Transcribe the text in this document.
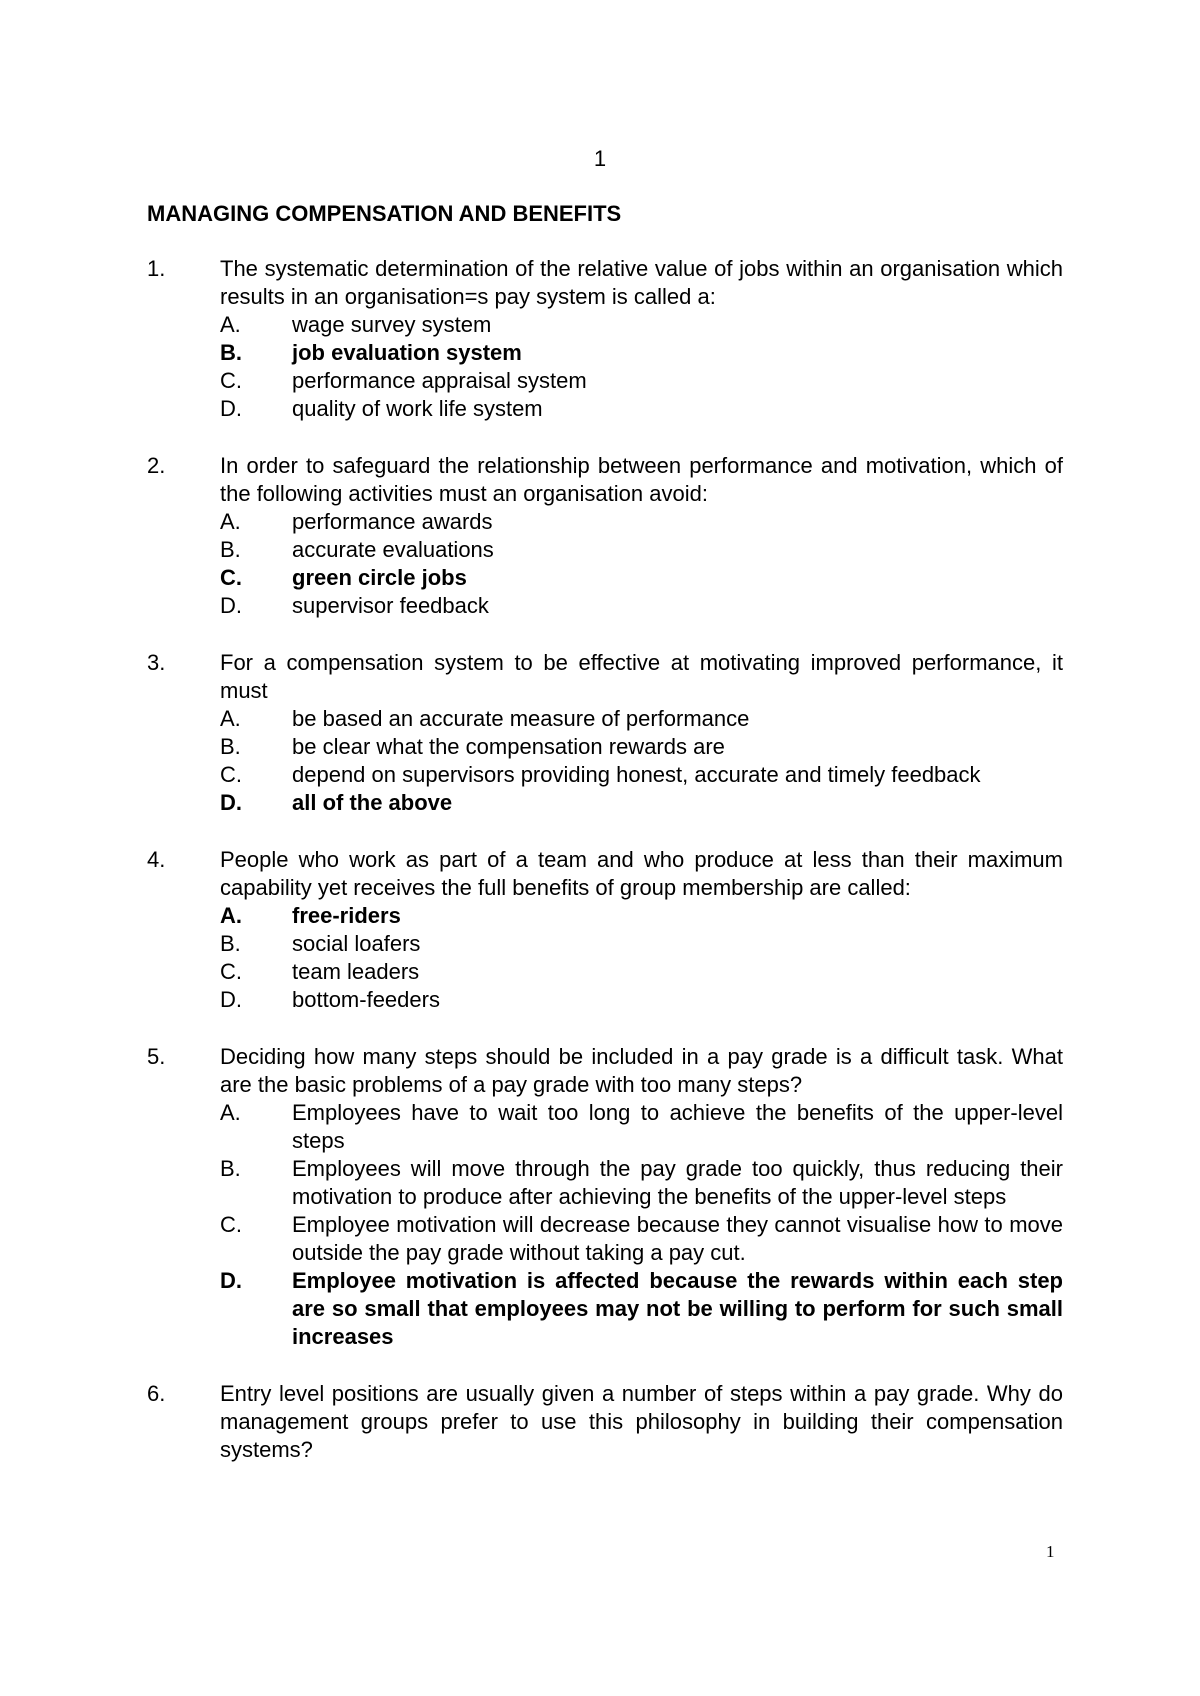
1
MANAGING COMPENSATION AND BENEFITS
1. The systematic determination of the relative value of jobs within an organisation which results in an organisation=s pay system is called a:
A. wage survey system
B. job evaluation system
C. performance appraisal system
D. quality of work life system
2. In order to safeguard the relationship between performance and motivation, which of the following activities must an organisation avoid:
A. performance awards
B. accurate evaluations
C. green circle jobs
D. supervisor feedback
3. For a compensation system to be effective at motivating improved performance, it must
A. be based an accurate measure of performance
B. be clear what the compensation rewards are
C. depend on supervisors providing honest, accurate and timely feedback
D. all of the above
4. People who work as part of a team and who produce at less than their maximum capability yet receives the full benefits of group membership are called:
A. free-riders
B. social loafers
C. team leaders
D. bottom-feeders
5. Deciding how many steps should be included in a pay grade is a difficult task. What are the basic problems of a pay grade with too many steps?
A. Employees have to wait too long to achieve the benefits of the upper-level steps
B. Employees will move through the pay grade too quickly, thus reducing their motivation to produce after achieving the benefits of the upper-level steps
C. Employee motivation will decrease because they cannot visualise how to move outside the pay grade without taking a pay cut.
D. Employee motivation is affected because the rewards within each step are so small that employees may not be willing to perform for such small increases
6. Entry level positions are usually given a number of steps within a pay grade. Why do management groups prefer to use this philosophy in building their compensation systems?
1
